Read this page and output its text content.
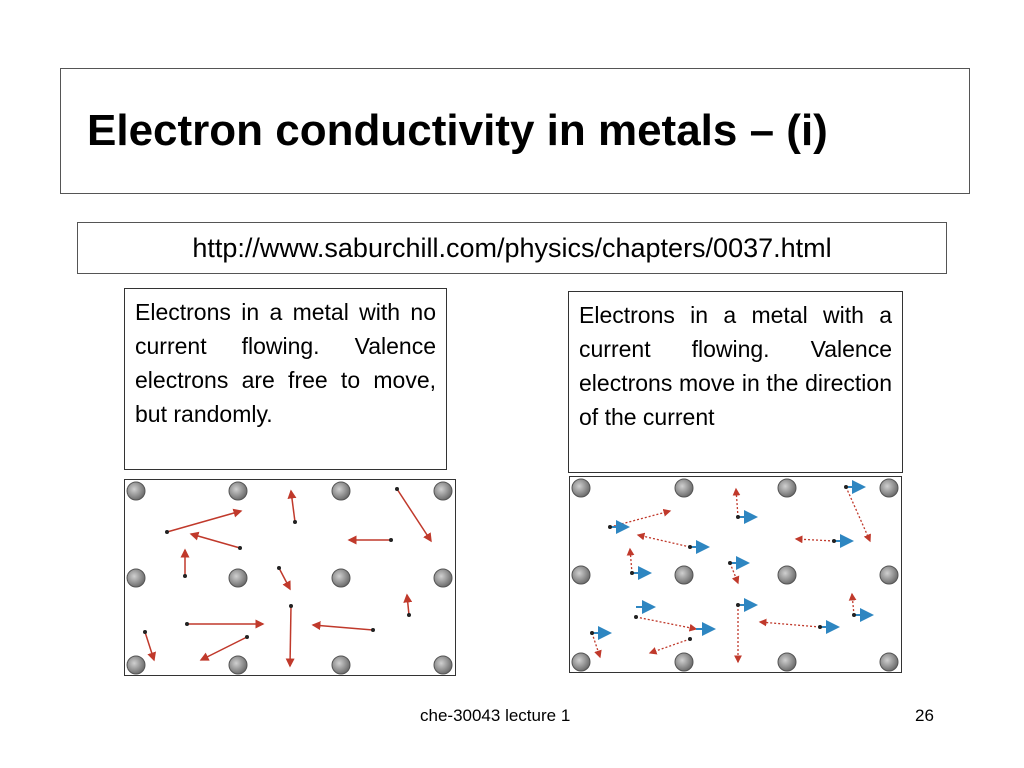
Electron conductivity in metals – (i)
http://www.saburchill.com/physics/chapters/0037.html
Electrons in a metal with no current flowing. Valence electrons are free to move, but randomly.
Electrons in a metal with a current flowing. Valence electrons move in the direction of the current
che-30043 lecture 1	26
